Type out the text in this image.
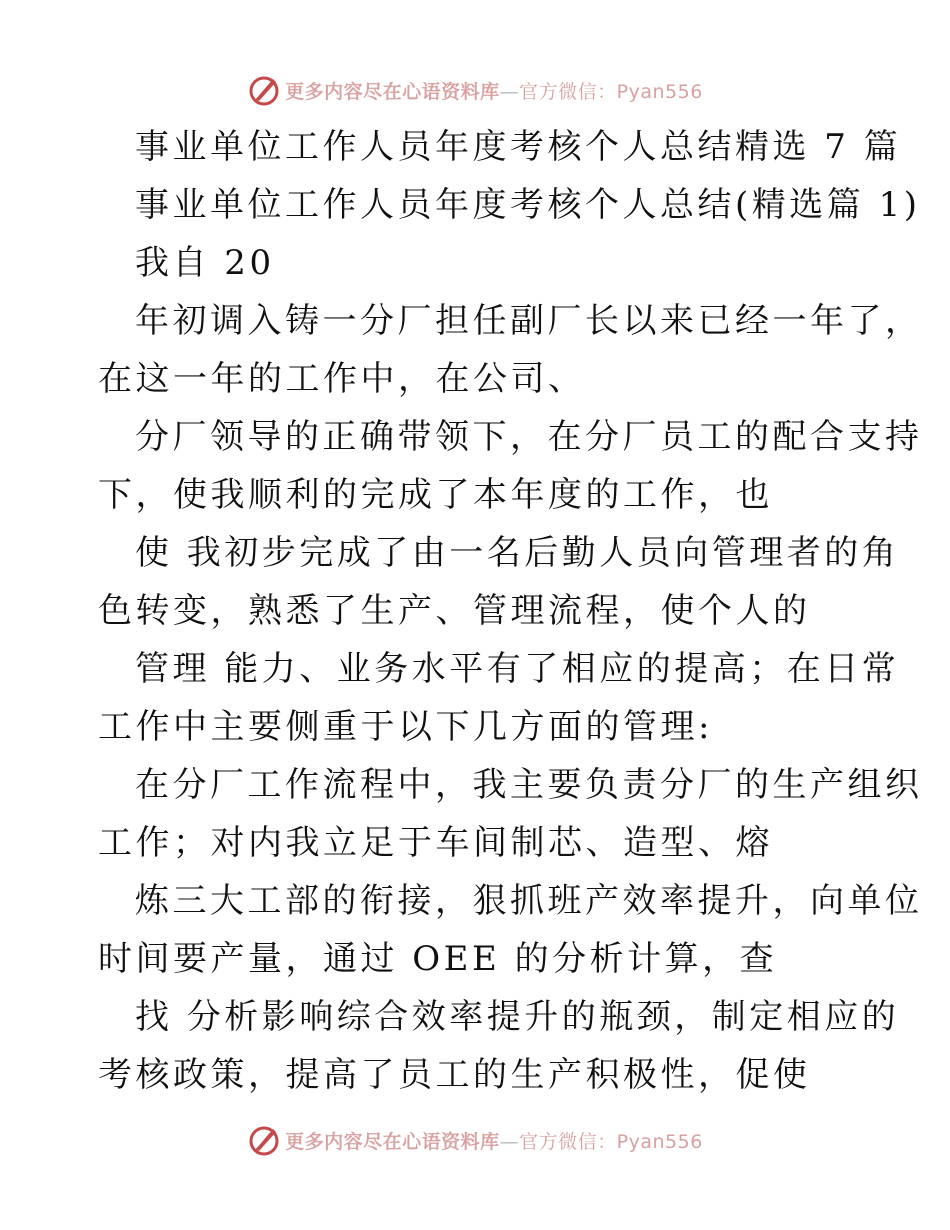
更多内容尽在心语资料库—官方微信：Pyan556
事业单位工作人员年度考核个人总结精选 7 篇
事业单位工作人员年度考核个人总结(精选篇 1)
我自 20
年初调入铸一分厂担任副厂长以来已经一年了，
在这一年的工作中，在公司、
分厂领导的正确带领下，在分厂员工的配合支持
下，使我顺利的完成了本年度的工作，也
使 我初步完成了由一名后勤人员向管理者的角
色转变，熟悉了生产、管理流程，使个人的
管理 能力、业务水平有了相应的提高；在日常
工作中主要侧重于以下几方面的管理:
在分厂工作流程中，我主要负责分厂的生产组织
工作；对内我立足于车间制芯、造型、熔
炼三大工部的衔接，狠抓班产效率提升，向单位
时间要产量，通过 OEE 的分析计算，查
找 分析影响综合效率提升的瓶颈，制定相应的
考核政策，提高了员工的生产积极性，促使
更多内容尽在心语资料库—官方微信：Pyan556
